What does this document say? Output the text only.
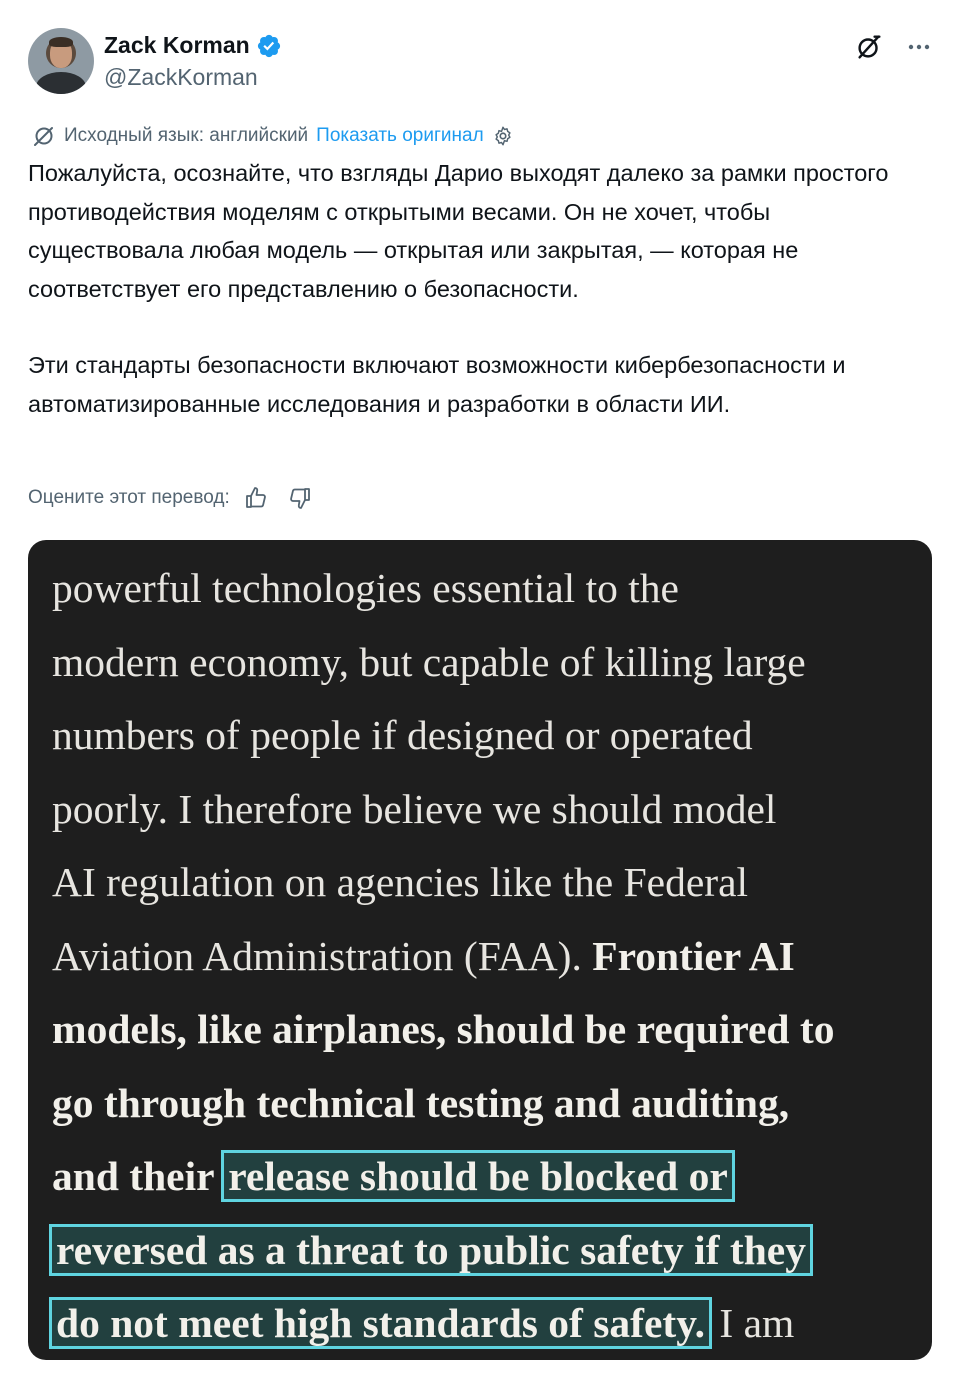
Zack Korman
@ZackKorman
Исходный язык: английский Показать оригинал

Пожалуйста, осознайте, что взгляды Дарио выходят далеко за рамки простого противодействия моделям с открытыми весами. Он не хочет, чтобы существовала любая модель — открытая или закрытая, — которая не соответствует его представлению о безопасности.

Эти стандарты безопасности включают возможности кибербезопасности и автоматизированные исследования и разработки в области ИИ.

Оцените этот перевод:
powerful technologies essential to the
modern economy, but capable of killing large
numbers of people if designed or operated
poorly. I therefore believe we should model
AI regulation on agencies like the Federal
Aviation Administration (FAA). Frontier AI
models, like airplanes, should be required to
go through technical testing and auditing,
and their release should be blocked or
reversed as a threat to public safety if they
do not meet high standards of safety. I am
